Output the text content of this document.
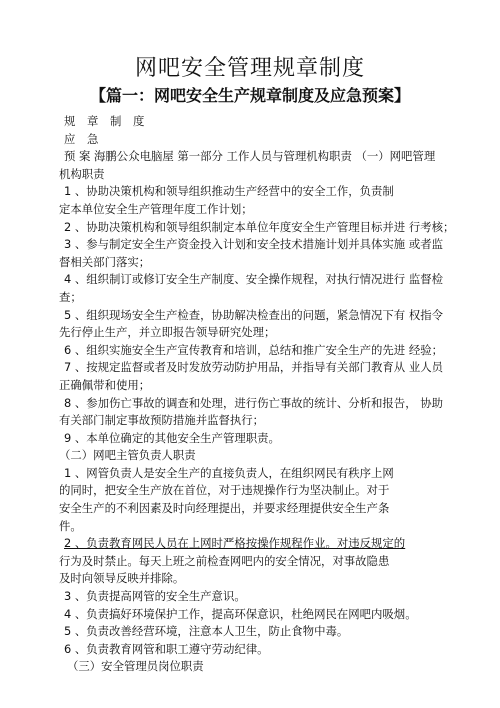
网吧安全管理规章制度
【篇一：网吧安全生产规章制度及应急预案】
规 章 制 度
应 急
预 案 海鹏公众电脑屋 第一部分 工作人员与管理机构职责 （一）网吧管理
机构职责
1 、协助决策机构和领导组织推动生产经营中的安全工作，负责制
定本单位安全生产管理年度工作计划；
2 、协助决策机构和领导组织制定本单位年度安全生产管理目标并进 行考核；
3 、参与制定安全生产资金投入计划和安全技术措施计划并具体实施 或者监
督相关部门落实；
4 、组织制订或修订安全生产制度、安全操作规程，对执行情况进行 监督检
查；
5 、组织现场安全生产检查，协助解决检查出的问题，紧急情况下有 权指令
先行停止生产，并立即报告领导研究处理；
6 、组织实施安全生产宣传教育和培训，总结和推广安全生产的先进 经验；
7 、按规定监督或者及时发放劳动防护用品，并指导有关部门教育从 业人员
正确佩带和使用；
8 、参加伤亡事故的调查和处理，进行伤亡事故的统计、分析和报告， 协助
有关部门制定事故预防措施并监督执行；
9 、本单位确定的其他安全生产管理职责。
（二）网吧主管负责人职责
1 、网管负责人是安全生产的直接负责人，在组织网民有秩序上网
的同时，把安全生产放在首位，对于违规操作行为坚决制止。对于
安全生产的不利因素及时向经理提出，并要求经理提供安全生产条
件。
2 、负责教育网民人员在上网时严格按操作规程作业。对违反规定的
行为及时禁止。每天上班之前检查网吧内的安全情况，对事故隐患
及时向领导反映并排除。
3 、负责提高网管的安全生产意识。
4 、负责搞好环境保护工作，提高环保意识，杜绝网民在网吧内吸烟。
5 、负责改善经营环境，注意本人卫生，防止食物中毒。
6 、负责教育网管和职工遵守劳动纪律。
（三）安全管理员岗位职责
